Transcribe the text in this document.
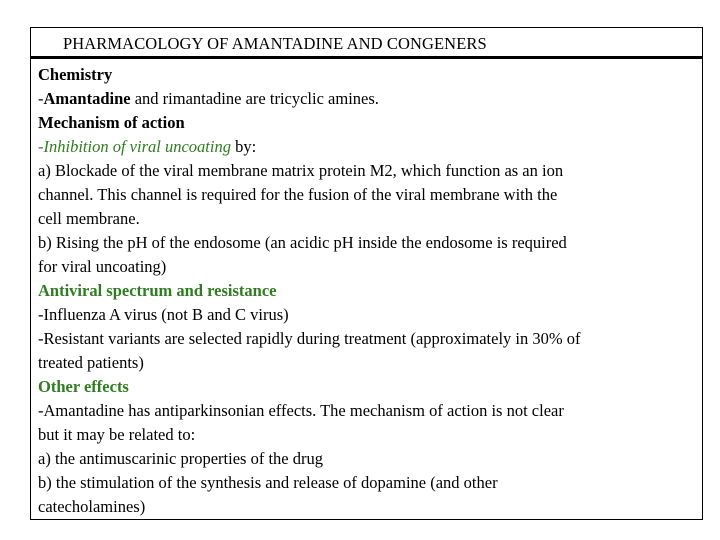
PHARMACOLOGY OF AMANTADINE AND CONGENERS
Chemistry
-Amantadine and rimantadine are tricyclic amines.
Mechanism of action
-Inhibition of viral uncoating by:
a) Blockade of the viral membrane matrix protein M2, which function as an ion
channel. This channel is required for the fusion of the viral membrane with the
cell membrane.
b) Rising the pH of the endosome (an acidic pH inside the endosome is required
for viral uncoating)
Antiviral spectrum and resistance
-Influenza A virus (not B and C virus)
-Resistant variants are selected rapidly during treatment (approximately in 30% of
treated patients)
Other effects
-Amantadine has antiparkinsonian effects. The mechanism of action is not clear
but it may be related to:
a) the antimuscarinic properties of the drug
b) the stimulation of the synthesis and release of dopamine (and other
catecholamines)
